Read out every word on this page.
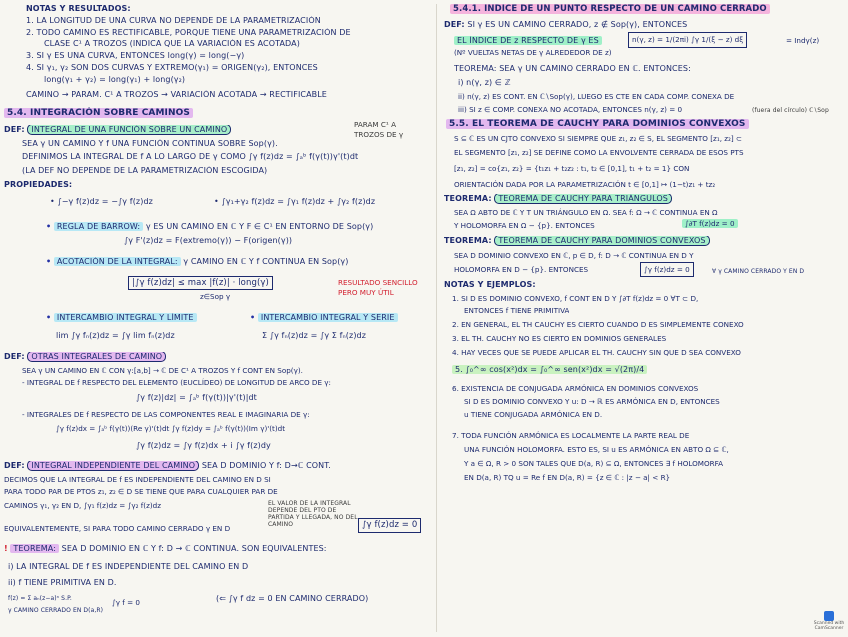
NOTAS Y RESULTADOS:
1. LA LONGITUD DE UNA CURVA NO DEPENDE DE LA PARAMETRIZACIÓN
2. TODO CAMINO ES RECTIFICABLE, PORQUE TIENE UNA PARAMETRIZACIÓN DE
CLASE C¹ A TROZOS (INDICA QUE LA VARIACIÓN ES ACOTADA)
3. SI γ ES UNA CURVA, ENTONCES long(γ) = long(−γ)
4. SI γ₁, γ₂ SON DOS CURVAS Y EXTREMO(γ₁) = ORIGEN(γ₂), ENTONCES
long(γ₁ + γ₂) = long(γ₁) + long(γ₂)
CAMINO → PARAM. C¹ A TROZOS → VARIACIÓN ACOTADA → RECTIFICABLE
5.4. INTEGRACIÓN SOBRE CAMINOS
DEF: INTEGRAL DE UNA FUNCIÓN SOBRE UN CAMINO
PARAM C¹ A
TROZOS DE γ
SEA γ UN CAMINO Y f UNA FUNCIÓN CONTINUA SOBRE Sop(γ).
DEFINIMOS LA INTEGRAL DE f A LO LARGO DE γ COMO ∫γ f(z)dz = ∫ₐᵇ f(γ(t))γ'(t)dt
(LA DEF NO DEPENDE DE LA PARAMETRIZACIÓN ESCOGIDA)
PROPIEDADES:
• ∫−γ f(z)dz = −∫γ f(z)dz	• ∫γ₁+γ₂ f(z)dz = ∫γ₁ f(z)dz + ∫γ₂ f(z)dz
• REGLA DE BARROW: γ ES UN CAMINO EN ℂ Y F ∈ C¹ EN ENTORNO DE Sop(γ)
∫γ F'(z)dz = F(extremo(γ)) − F(origen(γ))
• ACOTACIÓN DE LA INTEGRAL: γ CAMINO EN ℂ Y f CONTINUA EN Sop(γ)
|∫γ f(z)dz| ≤ max |f(z)| · long(γ)
z∈Sop γ
RESULTADO SENCILLO
PERO MUY ÚTIL
• INTERCAMBIO INTEGRAL Y LÍMITE	• INTERCAMBIO INTEGRAL Y SERIE
lim ∫γ fₙ(z)dz = ∫γ lim fₙ(z)dz	Σ ∫γ fₙ(z)dz = ∫γ Σ fₙ(z)dz
DEF: OTRAS INTEGRALES DE CAMINO
SEA γ UN CAMINO EN ℂ CON γ:[a,b] → ℂ DE C¹ A TROZOS Y f CONT EN Sop(γ).
- INTEGRAL DE f RESPECTO DEL ELEMENTO (EUCLÍDEO) DE LONGITUD DE ARCO DE γ:
∫γ f(z)|dz| = ∫ₐᵇ f(γ(t))|γ'(t)|dt
- INTEGRALES DE f RESPECTO DE LAS COMPONENTES REAL E IMAGINARIA DE γ:
∫γ f(z)dx = ∫ₐᵇ f(γ(t))(Re γ)'(t)dt ∫γ f(z)dy = ∫ₐᵇ f(γ(t))(Im γ)'(t)dt
∫γ f(z)dz = ∫γ f(z)dx + i ∫γ f(z)dy
DEF: INTEGRAL INDEPENDIENTE DEL CAMINO SEA D DOMINIO Y f: D→ℂ CONT.
DECIMOS QUE LA INTEGRAL DE f ES INDEPENDIENTE DEL CAMINO EN D SI
PARA TODO PAR DE PTOS z₁, z₂ ∈ D SE TIENE QUE PARA CUALQUIER PAR DE
CAMINOS γ₁, γ₂ EN D, ∫γ₁ f(z)dz = ∫γ₂ f(z)dz	EL VALOR DE LA INTEGRAL DEPENDE DEL PTO DE PARTIDA Y LLEGADA, NO DEL CAMINO
EQUIVALENTEMENTE, SI PARA TODO CAMINO CERRADO γ EN D	∫γ f(z)dz = 0
! TEOREMA: SEA D DOMINIO EN ℂ Y f: D → ℂ CONTINUA. SON EQUIVALENTES:
i) LA INTEGRAL DE f ES INDEPENDIENTE DEL CAMINO EN D
ii) f TIENE PRIMITIVA EN D.
f(z) = Σ aₙ(z−a)ⁿ S.P.
γ CAMINO CERRADO EN D(a,R)
∫γ f = 0	(⇐ ∫γ f dz = 0 EN CAMINO CERRADO)
5.4.1. ÍNDICE DE UN PUNTO RESPECTO DE UN CAMINO CERRADO
DEF: SI γ ES UN CAMINO CERRADO, z ∉ Sop(γ), ENTONCES
EL ÍNDICE DE z RESPECTO DE γ ES	n(γ, z) = 1/(2πi) ∫γ 1/(ξ − z) dξ	= Indγ(z)
(Nº VUELTAS NETAS DE γ ALREDEDOR DE z)
TEOREMA: SEA γ UN CAMINO CERRADO EN ℂ. ENTONCES:
i) n(γ, z) ∈ ℤ
ii) n(γ, z) ES CONT. EN ℂ∖Sop(γ), LUEGO ES CTE EN CADA COMP. CONEXA DE
iii) SI z ∈ COMP. CONEXA NO ACOTADA, ENTONCES n(γ, z) = 0	(fuera del círculo) ℂ∖Sop
5.5. EL TEOREMA DE CAUCHY PARA DOMINIOS CONVEXOS
S ⊆ ℂ ES UN CJTO CONVEXO SI SIEMPRE QUE z₁, z₂ ∈ S, EL SEGMENTO [z₁, z₂] ⊂
EL SEGMENTO [z₁, z₂] SE DEFINE COMO LA ENVOLVENTE CERRADA DE ESOS PTS
[z₁, z₂] = co{z₁, z₂} = {t₁z₁ + t₂z₂ : t₁, t₂ ∈ [0,1], t₁ + t₂ = 1} CON
ORIENTACIÓN DADA POR LA PARAMETRIZACIÓN t ∈ [0,1] ↦ (1−t)z₁ + tz₂
TEOREMA: TEOREMA DE CAUCHY PARA TRIÁNGULOS
SEA Ω ABTO DE ℂ Y T UN TRIÁNGULO EN Ω. SEA f: Ω → ℂ CONTINUA EN Ω
Y HOLOMORFA EN Ω − {p}. ENTONCES	∫∂T f(z)dz = 0
TEOREMA: TEOREMA DE CAUCHY PARA DOMINIOS CONVEXOS
SEA D DOMINIO CONVEXO EN ℂ, p ∈ D, f: D → ℂ CONTINUA EN D Y
HOLOMORFA EN D − {p}. ENTONCES	∫γ f(z)dz = 0	∀ γ CAMINO CERRADO Y EN D
NOTAS Y EJEMPLOS:
1. SI D ES DOMINIO CONVEXO, f CONT EN D Y ∫∂T f(z)dz = 0 ∀T ⊂ D,
ENTONCES f TIENE PRIMITIVA
2. EN GENERAL, EL TH CAUCHY ES CIERTO CUANDO D ES SIMPLEMENTE CONEXO
3. EL TH. CAUCHY NO ES CIERTO EN DOMINIOS GENERALES
4. HAY VECES QUE SE PUEDE APLICAR EL TH. CAUCHY SIN QUE D SEA CONVEXO
5. ∫₀^∞ cos(x²)dx = ∫₀^∞ sen(x²)dx = √(2π)/4
6. EXISTENCIA DE CONJUGADA ARMÓNICA EN DOMINIOS CONVEXOS
SI D ES DOMINIO CONVEXO Y u: D → ℝ ES ARMÓNICA EN D, ENTONCES
u TIENE CONJUGADA ARMÓNICA EN D.
7. TODA FUNCIÓN ARMÓNICA ES LOCALMENTE LA PARTE REAL DE
UNA FUNCIÓN HOLOMORFA. ESTO ES, SI u ES ARMÓNICA EN ABTO Ω ⊆ ℂ,
Y a ∈ Ω, R > 0 SON TALES QUE D(a, R) ⊆ Ω, ENTONCES ∃ f HOLOMORFA
EN D(a, R) TQ u = Re f EN D(a, R) = {z ∈ ℂ : |z − a| < R}
Scanned with
CamScanner
